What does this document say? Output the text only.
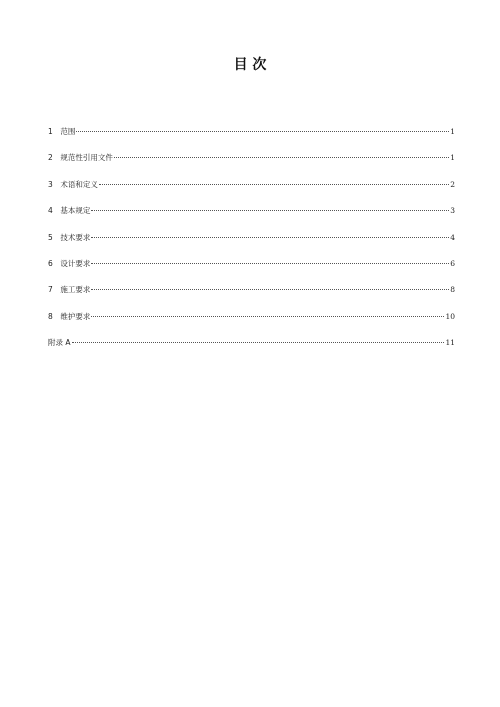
目 次
1 范围	1
2 规范性引用文件	1
3 术语和定义	2
4 基本规定	3
5 技术要求	4
6 设计要求	6
7 施工要求	8
8 维护要求	10
附录 A	11
